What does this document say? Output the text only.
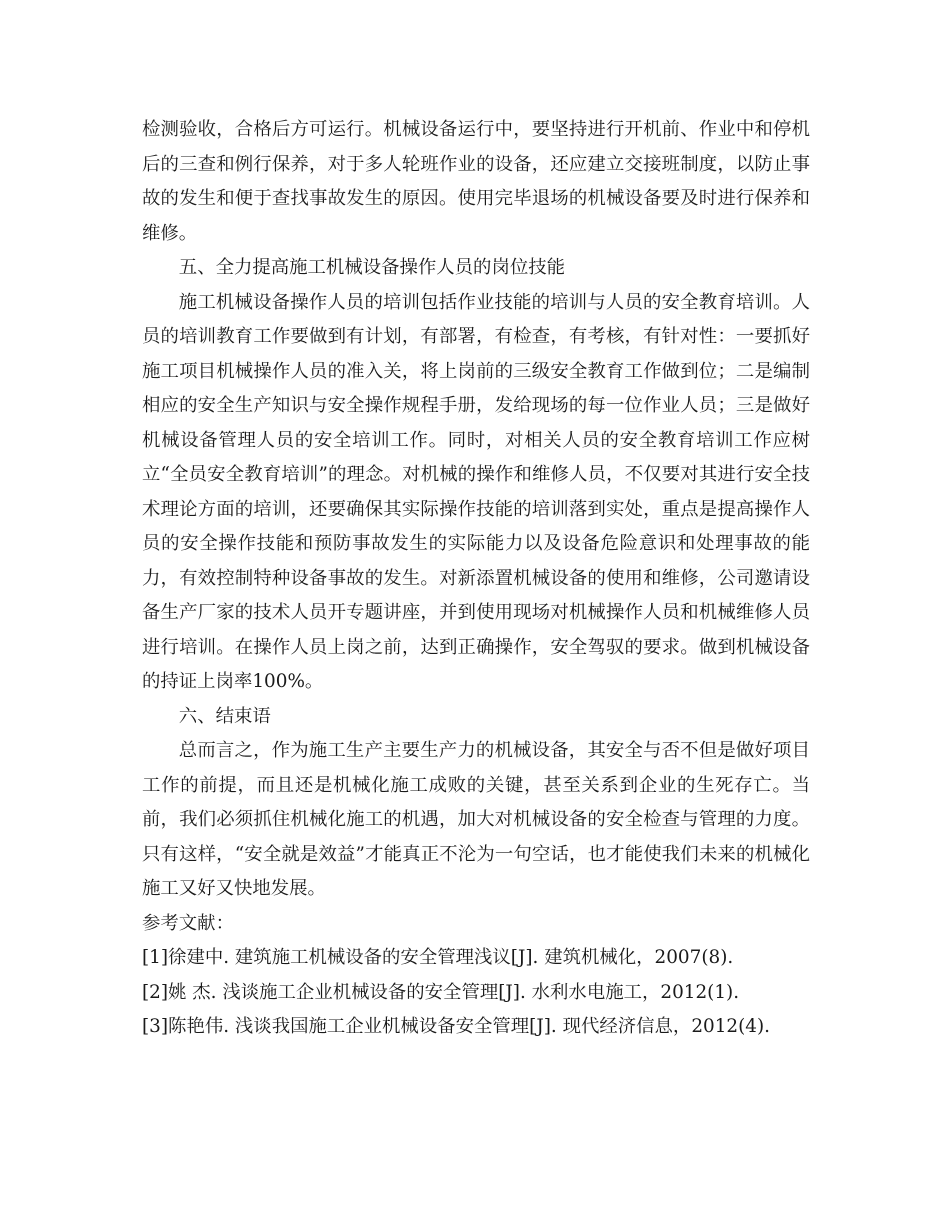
检测验收，合格后方可运行。机械设备运行中，要坚持进行开机前、作业中和停机后的三查和例行保养，对于多人轮班作业的设备，还应建立交接班制度，以防止事故的发生和便于查找事故发生的原因。使用完毕退场的机械设备要及时进行保养和维修。

五、全力提高施工机械设备操作人员的岗位技能

施工机械设备操作人员的培训包括作业技能的培训与人员的安全教育培训。人员的培训教育工作要做到有计划，有部署，有检查，有考核，有针对性：一要抓好施工项目机械操作人员的准入关，将上岗前的三级安全教育工作做到位；二是编制相应的安全生产知识与安全操作规程手册，发给现场的每一位作业人员；三是做好机械设备管理人员的安全培训工作。同时，对相关人员的安全教育培训工作应树立“全员安全教育培训”的理念。对机械的操作和维修人员，不仅要对其进行安全技术理论方面的培训，还要确保其实际操作技能的培训落到实处，重点是提高操作人员的安全操作技能和预防事故发生的实际能力以及设备危险意识和处理事故的能力，有效控制特种设备事故的发生。对新添置机械设备的使用和维修，公司邀请设备生产厂家的技术人员开专题讲座，并到使用现场对机械操作人员和机械维修人员进行培训。在操作人员上岗之前，达到正确操作，安全驾驭的要求。做到机械设备的持证上岗率100%。

六、结束语

总而言之，作为施工生产主要生产力的机械设备，其安全与否不但是做好项目工作的前提，而且还是机械化施工成败的关键，甚至关系到企业的生死存亡。当前，我们必须抓住机械化施工的机遇，加大对机械设备的安全检查与管理的力度。只有这样，“安全就是效益”才能真正不沦为一句空话，也才能使我们未来的机械化施工又好又快地发展。

参考文献：

[1]徐建中. 建筑施工机械设备的安全管理浅议[J]. 建筑机械化，2007(8).
[2]姚 杰. 浅谈施工企业机械设备的安全管理[J]. 水利水电施工，2012(1).
[3]陈艳伟. 浅谈我国施工企业机械设备安全管理[J]. 现代经济信息，2012(4).
